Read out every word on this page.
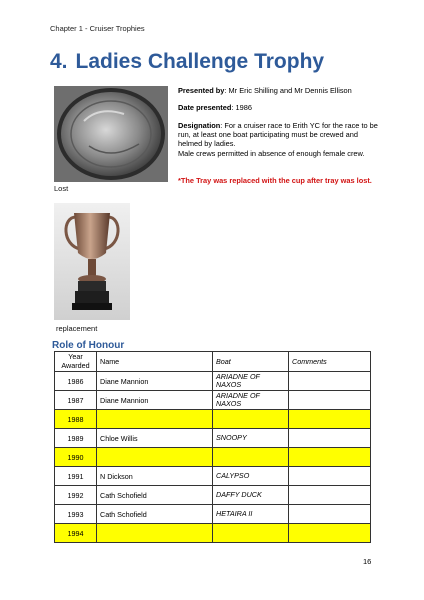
Chapter 1 - Cruiser Trophies
4. Ladies Challenge Trophy
Lost
replacement
Presented by: Mr Eric Shilling and Mr Dennis Ellison
Date presented: 1986
Designation: For a cruiser race to Erith YC for the race to be run, at least one boat participating must be crewed and helmed by ladies.
Male crews permitted in absence of enough female crew.
*The Tray was replaced with the cup after tray was lost.
Role of Honour
Year Awarded	Name	Boat	Comments
1986	Diane Mannion	ARIADNE OF NAXOS	
1987	Diane Mannion	ARIADNE OF NAXOS	
1988			
1989	Chloe Willis	SNOOPY	
1990			
1991	N Dickson	CALYPSO	
1992	Cath Schofield	DAFFY DUCK	
1993	Cath Schofield	HETAIRA II	
1994			
16
